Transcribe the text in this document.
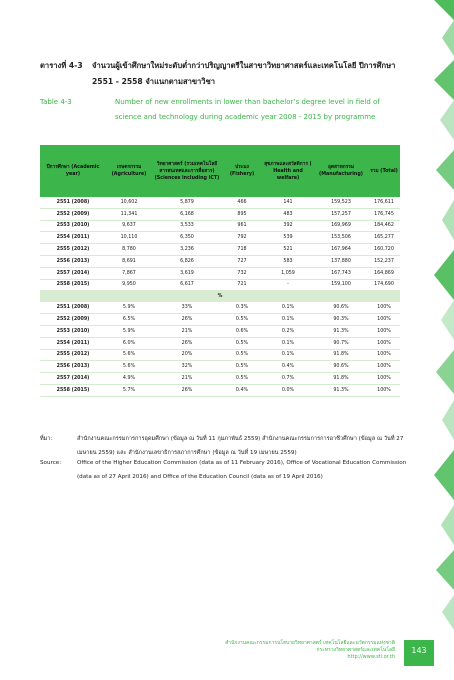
ตารางที่ 4-3 จำนวนผู้เข้าศึกษาใหม่ระดับต่ำกว่าปริญญาตรีในสาขาวิทยาศาสตร์และเทคโนโลยี ปีการศึกษา 2551 - 2558 จำแนกตามสาขาวิชา
Table 4-3	Number of new enrollments in lower than bachelor’s degree level in field of science and technology during academic year 2008 - 2015 by programme
ปีการศึกษา (Academic year)	เกษตรกรรม (Agriculture)	วิทยาศาสตร์ (รวมเทคโนโลยีสารสนเทศและการสื่อสาร) (Sciences including ICT)	ประมง (Fishery)	สุขภาพและสวัสดิการ ( Health and welfare)	อุตสาหกรรม (Manufacturing)	รวม (Total)
2551 (2008)	10,602	5,879	466	141	159,523	176,611
2552 (2009)	11,341	6,168	895	483	157,257	176,745
2553 (2010)	9,637	3,533	961	392	169,969	184,462
2554 (2011)	10,110	6,350	792	539	153,506	165,277
2555 (2012)	8,780	3,236	718	521	167,964	160,720
2556 (2013)	8,691	6,826	727	583	137,880	152,237
2557 (2014)	7,867	3,619	732	1,059	167,743	164,869
2558 (2015)	9,950	6,617	721	-	159,100	174,690
%						
2551 (2008)	5.9%	33%	0.3%	0.1%	90.6%	100%
2552 (2009)	6.5%	26%	0.5%	0.1%	90.3%	100%
2553 (2010)	5.9%	21%	0.6%	0.2%	91.3%	100%
2554 (2011)	6.0%	26%	0.5%	0.1%	90.7%	100%
2555 (2012)	5.6%	20%	0.5%	0.1%	91.8%	100%
2556 (2013)	5.6%	32%	0.5%	0.4%	90.6%	100%
2557 (2014)	4.9%	21%	0.5%	0.7%	91.8%	100%
2558 (2015)	5.7%	26%	0.4%	0.0%	91.3%	100%
ที่มา:	สำนักงานคณะกรรมการการอุดมศึกษา (ข้อมูล ณ วันที่ 11 กุมภาพันธ์ 2559) สำนักงานคณะกรรมการการอาชีวศึกษา (ข้อมูล ณ วันที่ 27 เมษายน 2559) และ สำนักงานเลขาธิการสภาการศึกษา (ข้อมูล ณ วันที่ 19 เมษายน 2559)
Source:	Office of the Higher Education Commission (data as of 11 February 2016), Office of Vocational Education Commission (data as of 27 April 2016) and Office of the Education Council (data as of 19 April 2016)
สำนักงานคณะกรรมการนโยบายวิทยาศาสตร์ เทคโนโลยีและนวัตกรรมแห่งชาติ
กระทรวงวิทยาศาสตร์และเทคโนโลยี
http://www.sti.or.th
143
